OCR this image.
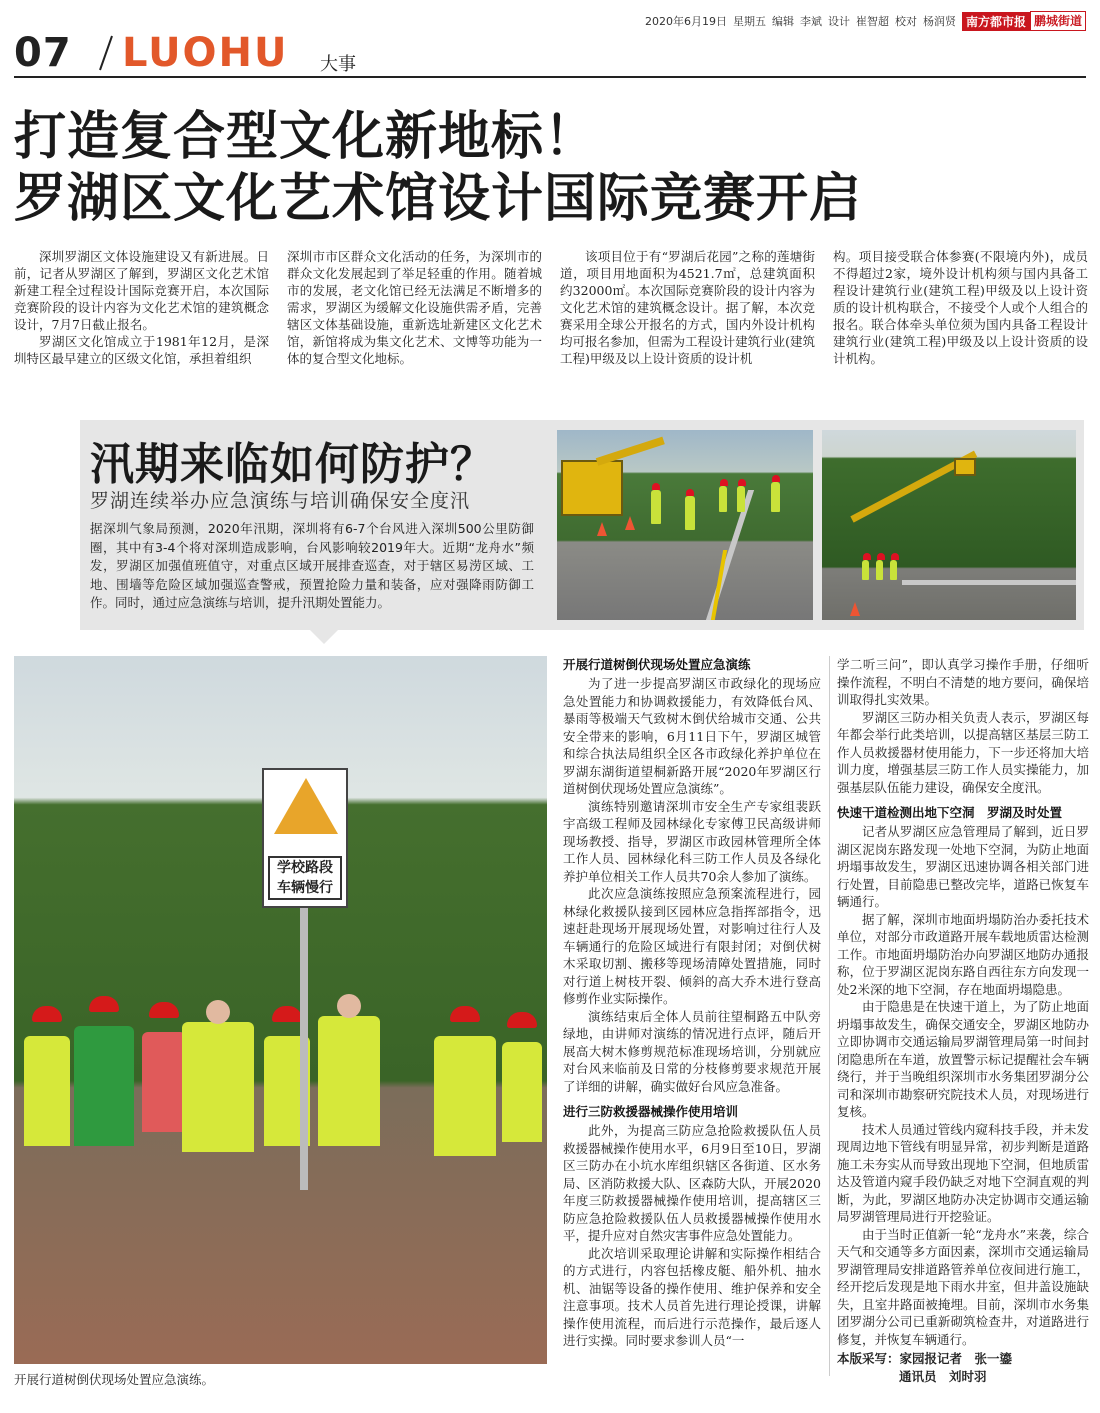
2020年6月19日 星期五 编辑 李斌 设计 崔智超 校对 杨润贤 南方都市报 鹏城街道
07 LUOHU 大事
打造复合型文化新地标！
罗湖区文化艺术馆设计国际竞赛开启

深圳罗湖区文体设施建设又有新进展。日前，记者从罗湖区了解到，罗湖区文化艺术馆新建工程全过程设计国际竞赛开启，本次国际竞赛阶段的设计内容为文化艺术馆的建筑概念设计，7月7日截止报名。

罗湖区文化馆成立于1981年12月，是深圳特区最早建立的区级文化馆，承担着组织

深圳市市区群众文化活动的任务，为深圳市的群众文化发展起到了举足轻重的作用。随着城市的发展，老文化馆已经无法满足不断增多的需求，罗湖区为缓解文化设施供需矛盾，完善辖区文体基础设施，重新选址新建区文化艺术馆，新馆将成为集文化艺术、文博等功能为一体的复合型文化地标。

该项目位于有“罗湖后花园”之称的莲塘街道，项目用地面积为4521.7㎡，总建筑面积约32000㎡。本次国际竞赛阶段的设计内容为文化艺术馆的建筑概念设计。据了解，本次竞赛采用全球公开报名的方式，国内外设计机构均可报名参加，但需为工程设计建筑行业(建筑工程)甲级及以上设计资质的设计机

构。项目接受联合体参赛(不限境内外)，成员不得超过2家，境外设计机构须与国内具备工程设计建筑行业(建筑工程)甲级及以上设计资质的设计机构联合，不接受个人或个人组合的报名。联合体牵头单位须为国内具备工程设计建筑行业(建筑工程)甲级及以上设计资质的设计机构。

汛期来临如何防护？
罗湖连续举办应急演练与培训确保安全度汛
据深圳气象局预测，2020年汛期，深圳将有6-7个台风进入深圳500公里防御圈，其中有3-4个将对深圳造成影响，台风影响较2019年大。近期“龙舟水”频发，罗湖区加强值班值守，对重点区域开展排查巡查，对于辖区易涝区域、工地、围墙等危险区域加强巡查警戒，预置抢险力量和装备，应对强降雨防御工作。同时，通过应急演练与培训，提升汛期处置能力。
学校路段
车辆慢行
开展行道树倒伏现场处置应急演练。
开展行道树倒伏现场处置应急演练

为了进一步提高罗湖区市政绿化的现场应急处置能力和协调救援能力，有效降低台风、暴雨等极端天气致树木倒伏给城市交通、公共安全带来的影响，6月11日下午，罗湖区城管和综合执法局组织全区各市政绿化养护单位在罗湖东湖街道望桐新路开展“2020年罗湖区行道树倒伏现场处置应急演练”。

演练特别邀请深圳市安全生产专家组裴跃宇高级工程师及园林绿化专家傅卫民高级讲师现场教授、指导，罗湖区市政园林管理所全体工作人员、园林绿化科三防工作人员及各绿化养护单位相关工作人员共70余人参加了演练。

此次应急演练按照应急预案流程进行，园林绿化救援队接到区园林应急指挥部指令，迅速赶赴现场开展现场处置，对影响过往行人及车辆通行的危险区域进行有限封闭；对倒伏树木采取切割、搬移等现场清障处置措施，同时对行道上树枝开裂、倾斜的高大乔木进行登高修剪作业实际操作。

演练结束后全体人员前往望桐路五中队旁绿地，由讲师对演练的情况进行点评，随后开展高大树木修剪规范标准现场培训，分别就应对台风来临前及日常的分枝修剪要求规范开展了详细的讲解，确实做好台风应急准备。

进行三防救援器械操作使用培训

此外，为提高三防应急抢险救援队伍人员救援器械操作使用水平，6月9日至10日，罗湖区三防办在小坑水库组织辖区各街道、区水务局、区消防救援大队、区森防大队，开展2020年度三防救援器械操作使用培训，提高辖区三防应急抢险救援队伍人员救援器械操作使用水平，提升应对自然灾害事件应急处置能力。

此次培训采取理论讲解和实际操作相结合的方式进行，内容包括橡皮艇、船外机、抽水机、油锯等设备的操作使用、维护保养和安全注意事项。技术人员首先进行理论授课，讲解操作使用流程，而后进行示范操作，最后逐人进行实操。同时要求参训人员“一

学二听三问”，即认真学习操作手册，仔细听操作流程，不明白不清楚的地方要问，确保培训取得扎实效果。

罗湖区三防办相关负责人表示，罗湖区每年都会举行此类培训，以提高辖区基层三防工作人员救援器材使用能力，下一步还将加大培训力度，增强基层三防工作人员实操能力，加强基层队伍能力建设，确保安全度汛。

快速干道检测出地下空洞　罗湖及时处置

记者从罗湖区应急管理局了解到，近日罗湖区泥岗东路发现一处地下空洞，为防止地面坍塌事故发生，罗湖区迅速协调各相关部门进行处置，目前隐患已整改完毕，道路已恢复车辆通行。

据了解，深圳市地面坍塌防治办委托技术单位，对部分市政道路开展车载地质雷达检测工作。市地面坍塌防治办向罗湖区地防办通报称，位于罗湖区泥岗东路自西往东方向发现一处2米深的地下空洞，存在地面坍塌隐患。

由于隐患是在快速干道上，为了防止地面坍塌事故发生，确保交通安全，罗湖区地防办立即协调市交通运输局罗湖管理局第一时间封闭隐患所在车道，放置警示标记提醒社会车辆绕行，并于当晚组织深圳市水务集团罗湖分公司和深圳市勘察研究院技术人员，对现场进行复核。

技术人员通过管线内窥科技手段，并未发现周边地下管线有明显异常，初步判断是道路施工未夯实从而导致出现地下空洞，但地质雷达及管道内窥手段仍缺乏对地下空洞直观的判断，为此，罗湖区地防办决定协调市交通运输局罗湖管理局进行开挖验证。

由于当时正值新一轮“龙舟水”来袭，综合天气和交通等多方面因素，深圳市交通运输局罗湖管理局安排道路管养单位夜间进行施工，经开挖后发现是地下雨水井室，但井盖设施缺失，且室井路面被掩埋。目前，深圳市水务集团罗湖分公司已重新砌筑检查井，对道路进行修复，并恢复车辆通行。

本版采写：家园报记者　张一鎏
通讯员　刘时羽
